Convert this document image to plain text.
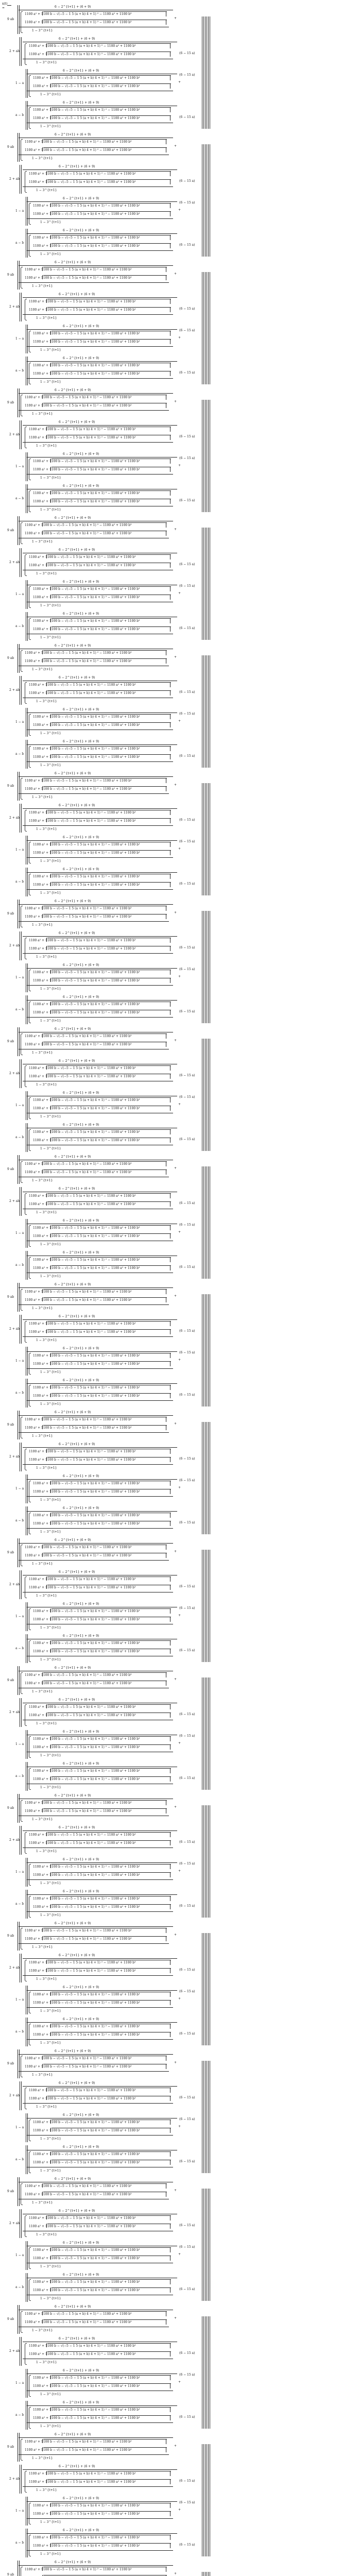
x(t)
=
9 ab
6 − 2^{t+1} + (6 + 9)
1100 a² + 1100 b − √(−5 − 1 5 (a + b) 4 + 1) ² − 1100 a² + 1100 b³
1100 a² + 1100 b − √(−5 − 1 5 (a + b) 4 + 1) ² − 1100 a² + 1100 b³
1 − 3^{t+1}
+
2 + ab
6 − 2^{t+1} + (6 + 9)
1100 a² + 1100 b − √(−5 − 1 5 (a + b) 4 + 1) ² − 1100 a² + 1100 b³
1100 a² + 1100 b − √(−5 − 1 5 (a + b) 4 + 1) ² − 1100 a² + 1100 b³
1 − 3^{t+1}
(6 − 15 a)
1 − a
6 − 2^{t+1} + (6 + 9)
1100 a² + 1100 b − √(−5 − 1 5 (a + b) 4 + 1) ² − 1100 a² + 1100 b³
1100 a² + 1100 b − √(−5 − 1 5 (a + b) 4 + 1) ² − 1100 a² + 1100 b³
1 − 3^{t+1}
+
a − b
6 − 2^{t+1} + (6 + 9)
1100 a² + 1100 b − √(−5 − 1 5 (a + b) 4 + 1) ² − 1100 a² + 1100 b³
1100 a² + 1100 b − √(−5 − 1 5 (a + b) 4 + 1) ² − 1100 a² + 1100 b³
1 − 3^{t+1}
(6 − 15 a)
(6 − 15 a)
9 ab
6 − 2^{t+1} + (6 + 9)
1100 a² + 1100 b − √(−5 − 1 5 (a + b) 4 + 1) ² − 1100 a² + 1100 b³
1100 a² + 1100 b − √(−5 − 1 5 (a + b) 4 + 1) ² − 1100 a² + 1100 b³
1 − 3^{t+1}
+
2 + ab
6 − 2^{t+1} + (6 + 9)
1100 a² + 1100 b − √(−5 − 1 5 (a + b) 4 + 1) ² − 1100 a² + 1100 b³
1100 a² + 1100 b − √(−5 − 1 5 (a + b) 4 + 1) ² − 1100 a² + 1100 b³
1 − 3^{t+1}
(6 − 15 a)
1 − a
6 − 2^{t+1} + (6 + 9)
1100 a² + 1100 b − √(−5 − 1 5 (a + b) 4 + 1) ² − 1100 a² + 1100 b³
1100 a² + 1100 b − √(−5 − 1 5 (a + b) 4 + 1) ² − 1100 a² + 1100 b³
1 − 3^{t+1}
+
a − b
6 − 2^{t+1} + (6 + 9)
1100 a² + 1100 b − √(−5 − 1 5 (a + b) 4 + 1) ² − 1100 a² + 1100 b³
1100 a² + 1100 b − √(−5 − 1 5 (a + b) 4 + 1) ² − 1100 a² + 1100 b³
1 − 3^{t+1}
(6 − 15 a)
(6 − 15 a)
9 ab
6 − 2^{t+1} + (6 + 9)
1100 a² + 1100 b − √(−5 − 1 5 (a + b) 4 + 1) ² − 1100 a² + 1100 b³
1100 a² + 1100 b − √(−5 − 1 5 (a + b) 4 + 1) ² − 1100 a² + 1100 b³
1 − 3^{t+1}
+
2 + ab
6 − 2^{t+1} + (6 + 9)
1100 a² + 1100 b − √(−5 − 1 5 (a + b) 4 + 1) ² − 1100 a² + 1100 b³
1100 a² + 1100 b − √(−5 − 1 5 (a + b) 4 + 1) ² − 1100 a² + 1100 b³
1 − 3^{t+1}
(6 − 15 a)
1 − a
6 − 2^{t+1} + (6 + 9)
1100 a² + 1100 b − √(−5 − 1 5 (a + b) 4 + 1) ² − 1100 a² + 1100 b³
1100 a² + 1100 b − √(−5 − 1 5 (a + b) 4 + 1) ² − 1100 a² + 1100 b³
1 − 3^{t+1}
+
a − b
6 − 2^{t+1} + (6 + 9)
1100 a² + 1100 b − √(−5 − 1 5 (a + b) 4 + 1) ² − 1100 a² + 1100 b³
1100 a² + 1100 b − √(−5 − 1 5 (a + b) 4 + 1) ² − 1100 a² + 1100 b³
1 − 3^{t+1}
(6 − 15 a)
(6 − 15 a)
9 ab
6 − 2^{t+1} + (6 + 9)
1100 a² + 1100 b − √(−5 − 1 5 (a + b) 4 + 1) ² − 1100 a² + 1100 b³
1100 a² + 1100 b − √(−5 − 1 5 (a + b) 4 + 1) ² − 1100 a² + 1100 b³
1 − 3^{t+1}
+
2 + ab
6 − 2^{t+1} + (6 + 9)
1100 a² + 1100 b − √(−5 − 1 5 (a + b) 4 + 1) ² − 1100 a² + 1100 b³
1100 a² + 1100 b − √(−5 − 1 5 (a + b) 4 + 1) ² − 1100 a² + 1100 b³
1 − 3^{t+1}
(6 − 15 a)
1 − a
6 − 2^{t+1} + (6 + 9)
1100 a² + 1100 b − √(−5 − 1 5 (a + b) 4 + 1) ² − 1100 a² + 1100 b³
1100 a² + 1100 b − √(−5 − 1 5 (a + b) 4 + 1) ² − 1100 a² + 1100 b³
1 − 3^{t+1}
+
a − b
6 − 2^{t+1} + (6 + 9)
1100 a² + 1100 b − √(−5 − 1 5 (a + b) 4 + 1) ² − 1100 a² + 1100 b³
1100 a² + 1100 b − √(−5 − 1 5 (a + b) 4 + 1) ² − 1100 a² + 1100 b³
1 − 3^{t+1}
(6 − 15 a)
(6 − 15 a)
9 ab
6 − 2^{t+1} + (6 + 9)
1100 a² + 1100 b − √(−5 − 1 5 (a + b) 4 + 1) ² − 1100 a² + 1100 b³
1100 a² + 1100 b − √(−5 − 1 5 (a + b) 4 + 1) ² − 1100 a² + 1100 b³
1 − 3^{t+1}
+
2 + ab
6 − 2^{t+1} + (6 + 9)
1100 a² + 1100 b − √(−5 − 1 5 (a + b) 4 + 1) ² − 1100 a² + 1100 b³
1100 a² + 1100 b − √(−5 − 1 5 (a + b) 4 + 1) ² − 1100 a² + 1100 b³
1 − 3^{t+1}
(6 − 15 a)
1 − a
6 − 2^{t+1} + (6 + 9)
1100 a² + 1100 b − √(−5 − 1 5 (a + b) 4 + 1) ² − 1100 a² + 1100 b³
1100 a² + 1100 b − √(−5 − 1 5 (a + b) 4 + 1) ² − 1100 a² + 1100 b³
1 − 3^{t+1}
+
a − b
6 − 2^{t+1} + (6 + 9)
1100 a² + 1100 b − √(−5 − 1 5 (a + b) 4 + 1) ² − 1100 a² + 1100 b³
1100 a² + 1100 b − √(−5 − 1 5 (a + b) 4 + 1) ² − 1100 a² + 1100 b³
1 − 3^{t+1}
(6 − 15 a)
(6 − 15 a)
9 ab
6 − 2^{t+1} + (6 + 9)
1100 a² + 1100 b − √(−5 − 1 5 (a + b) 4 + 1) ² − 1100 a² + 1100 b³
1100 a² + 1100 b − √(−5 − 1 5 (a + b) 4 + 1) ² − 1100 a² + 1100 b³
1 − 3^{t+1}
+
2 + ab
6 − 2^{t+1} + (6 + 9)
1100 a² + 1100 b − √(−5 − 1 5 (a + b) 4 + 1) ² − 1100 a² + 1100 b³
1100 a² + 1100 b − √(−5 − 1 5 (a + b) 4 + 1) ² − 1100 a² + 1100 b³
1 − 3^{t+1}
(6 − 15 a)
1 − a
6 − 2^{t+1} + (6 + 9)
1100 a² + 1100 b − √(−5 − 1 5 (a + b) 4 + 1) ² − 1100 a² + 1100 b³
1100 a² + 1100 b − √(−5 − 1 5 (a + b) 4 + 1) ² − 1100 a² + 1100 b³
1 − 3^{t+1}
+
a − b
6 − 2^{t+1} + (6 + 9)
1100 a² + 1100 b − √(−5 − 1 5 (a + b) 4 + 1) ² − 1100 a² + 1100 b³
1100 a² + 1100 b − √(−5 − 1 5 (a + b) 4 + 1) ² − 1100 a² + 1100 b³
1 − 3^{t+1}
(6 − 15 a)
(6 − 15 a)
9 ab
6 − 2^{t+1} + (6 + 9)
1100 a² + 1100 b − √(−5 − 1 5 (a + b) 4 + 1) ² − 1100 a² + 1100 b³
1100 a² + 1100 b − √(−5 − 1 5 (a + b) 4 + 1) ² − 1100 a² + 1100 b³
1 − 3^{t+1}
+
2 + ab
6 − 2^{t+1} + (6 + 9)
1100 a² + 1100 b − √(−5 − 1 5 (a + b) 4 + 1) ² − 1100 a² + 1100 b³
1100 a² + 1100 b − √(−5 − 1 5 (a + b) 4 + 1) ² − 1100 a² + 1100 b³
1 − 3^{t+1}
(6 − 15 a)
1 − a
6 − 2^{t+1} + (6 + 9)
1100 a² + 1100 b − √(−5 − 1 5 (a + b) 4 + 1) ² − 1100 a² + 1100 b³
1100 a² + 1100 b − √(−5 − 1 5 (a + b) 4 + 1) ² − 1100 a² + 1100 b³
1 − 3^{t+1}
+
a − b
6 − 2^{t+1} + (6 + 9)
1100 a² + 1100 b − √(−5 − 1 5 (a + b) 4 + 1) ² − 1100 a² + 1100 b³
1100 a² + 1100 b − √(−5 − 1 5 (a + b) 4 + 1) ² − 1100 a² + 1100 b³
1 − 3^{t+1}
(6 − 15 a)
(6 − 15 a)
9 ab
6 − 2^{t+1} + (6 + 9)
1100 a² + 1100 b − √(−5 − 1 5 (a + b) 4 + 1) ² − 1100 a² + 1100 b³
1100 a² + 1100 b − √(−5 − 1 5 (a + b) 4 + 1) ² − 1100 a² + 1100 b³
1 − 3^{t+1}
+
2 + ab
6 − 2^{t+1} + (6 + 9)
1100 a² + 1100 b − √(−5 − 1 5 (a + b) 4 + 1) ² − 1100 a² + 1100 b³
1100 a² + 1100 b − √(−5 − 1 5 (a + b) 4 + 1) ² − 1100 a² + 1100 b³
1 − 3^{t+1}
(6 − 15 a)
1 − a
6 − 2^{t+1} + (6 + 9)
1100 a² + 1100 b − √(−5 − 1 5 (a + b) 4 + 1) ² − 1100 a² + 1100 b³
1100 a² + 1100 b − √(−5 − 1 5 (a + b) 4 + 1) ² − 1100 a² + 1100 b³
1 − 3^{t+1}
+
a − b
6 − 2^{t+1} + (6 + 9)
1100 a² + 1100 b − √(−5 − 1 5 (a + b) 4 + 1) ² − 1100 a² + 1100 b³
1100 a² + 1100 b − √(−5 − 1 5 (a + b) 4 + 1) ² − 1100 a² + 1100 b³
1 − 3^{t+1}
(6 − 15 a)
(6 − 15 a)
9 ab
6 − 2^{t+1} + (6 + 9)
1100 a² + 1100 b − √(−5 − 1 5 (a + b) 4 + 1) ² − 1100 a² + 1100 b³
1100 a² + 1100 b − √(−5 − 1 5 (a + b) 4 + 1) ² − 1100 a² + 1100 b³
1 − 3^{t+1}
+
2 + ab
6 − 2^{t+1} + (6 + 9)
1100 a² + 1100 b − √(−5 − 1 5 (a + b) 4 + 1) ² − 1100 a² + 1100 b³
1100 a² + 1100 b − √(−5 − 1 5 (a + b) 4 + 1) ² − 1100 a² + 1100 b³
1 − 3^{t+1}
(6 − 15 a)
1 − a
6 − 2^{t+1} + (6 + 9)
1100 a² + 1100 b − √(−5 − 1 5 (a + b) 4 + 1) ² − 1100 a² + 1100 b³
1100 a² + 1100 b − √(−5 − 1 5 (a + b) 4 + 1) ² − 1100 a² + 1100 b³
1 − 3^{t+1}
+
a − b
6 − 2^{t+1} + (6 + 9)
1100 a² + 1100 b − √(−5 − 1 5 (a + b) 4 + 1) ² − 1100 a² + 1100 b³
1100 a² + 1100 b − √(−5 − 1 5 (a + b) 4 + 1) ² − 1100 a² + 1100 b³
1 − 3^{t+1}
(6 − 15 a)
(6 − 15 a)
9 ab
6 − 2^{t+1} + (6 + 9)
1100 a² + 1100 b − √(−5 − 1 5 (a + b) 4 + 1) ² − 1100 a² + 1100 b³
1100 a² + 1100 b − √(−5 − 1 5 (a + b) 4 + 1) ² − 1100 a² + 1100 b³
1 − 3^{t+1}
+
2 + ab
6 − 2^{t+1} + (6 + 9)
1100 a² + 1100 b − √(−5 − 1 5 (a + b) 4 + 1) ² − 1100 a² + 1100 b³
1100 a² + 1100 b − √(−5 − 1 5 (a + b) 4 + 1) ² − 1100 a² + 1100 b³
1 − 3^{t+1}
(6 − 15 a)
1 − a
6 − 2^{t+1} + (6 + 9)
1100 a² + 1100 b − √(−5 − 1 5 (a + b) 4 + 1) ² − 1100 a² + 1100 b³
1100 a² + 1100 b − √(−5 − 1 5 (a + b) 4 + 1) ² − 1100 a² + 1100 b³
1 − 3^{t+1}
+
a − b
6 − 2^{t+1} + (6 + 9)
1100 a² + 1100 b − √(−5 − 1 5 (a + b) 4 + 1) ² − 1100 a² + 1100 b³
1100 a² + 1100 b − √(−5 − 1 5 (a + b) 4 + 1) ² − 1100 a² + 1100 b³
1 − 3^{t+1}
(6 − 15 a)
(6 − 15 a)
9 ab
6 − 2^{t+1} + (6 + 9)
1100 a² + 1100 b − √(−5 − 1 5 (a + b) 4 + 1) ² − 1100 a² + 1100 b³
1100 a² + 1100 b − √(−5 − 1 5 (a + b) 4 + 1) ² − 1100 a² + 1100 b³
1 − 3^{t+1}
+
2 + ab
6 − 2^{t+1} + (6 + 9)
1100 a² + 1100 b − √(−5 − 1 5 (a + b) 4 + 1) ² − 1100 a² + 1100 b³
1100 a² + 1100 b − √(−5 − 1 5 (a + b) 4 + 1) ² − 1100 a² + 1100 b³
1 − 3^{t+1}
(6 − 15 a)
1 − a
6 − 2^{t+1} + (6 + 9)
1100 a² + 1100 b − √(−5 − 1 5 (a + b) 4 + 1) ² − 1100 a² + 1100 b³
1100 a² + 1100 b − √(−5 − 1 5 (a + b) 4 + 1) ² − 1100 a² + 1100 b³
1 − 3^{t+1}
+
a − b
6 − 2^{t+1} + (6 + 9)
1100 a² + 1100 b − √(−5 − 1 5 (a + b) 4 + 1) ² − 1100 a² + 1100 b³
1100 a² + 1100 b − √(−5 − 1 5 (a + b) 4 + 1) ² − 1100 a² + 1100 b³
1 − 3^{t+1}
(6 − 15 a)
(6 − 15 a)
9 ab
6 − 2^{t+1} + (6 + 9)
1100 a² + 1100 b − √(−5 − 1 5 (a + b) 4 + 1) ² − 1100 a² + 1100 b³
1100 a² + 1100 b − √(−5 − 1 5 (a + b) 4 + 1) ² − 1100 a² + 1100 b³
1 − 3^{t+1}
+
2 + ab
6 − 2^{t+1} + (6 + 9)
1100 a² + 1100 b − √(−5 − 1 5 (a + b) 4 + 1) ² − 1100 a² + 1100 b³
1100 a² + 1100 b − √(−5 − 1 5 (a + b) 4 + 1) ² − 1100 a² + 1100 b³
1 − 3^{t+1}
(6 − 15 a)
1 − a
6 − 2^{t+1} + (6 + 9)
1100 a² + 1100 b − √(−5 − 1 5 (a + b) 4 + 1) ² − 1100 a² + 1100 b³
1100 a² + 1100 b − √(−5 − 1 5 (a + b) 4 + 1) ² − 1100 a² + 1100 b³
1 − 3^{t+1}
+
a − b
6 − 2^{t+1} + (6 + 9)
1100 a² + 1100 b − √(−5 − 1 5 (a + b) 4 + 1) ² − 1100 a² + 1100 b³
1100 a² + 1100 b − √(−5 − 1 5 (a + b) 4 + 1) ² − 1100 a² + 1100 b³
1 − 3^{t+1}
(6 − 15 a)
(6 − 15 a)
9 ab
6 − 2^{t+1} + (6 + 9)
1100 a² + 1100 b − √(−5 − 1 5 (a + b) 4 + 1) ² − 1100 a² + 1100 b³
1100 a² + 1100 b − √(−5 − 1 5 (a + b) 4 + 1) ² − 1100 a² + 1100 b³
1 − 3^{t+1}
+
2 + ab
6 − 2^{t+1} + (6 + 9)
1100 a² + 1100 b − √(−5 − 1 5 (a + b) 4 + 1) ² − 1100 a² + 1100 b³
1100 a² + 1100 b − √(−5 − 1 5 (a + b) 4 + 1) ² − 1100 a² + 1100 b³
1 − 3^{t+1}
(6 − 15 a)
1 − a
6 − 2^{t+1} + (6 + 9)
1100 a² + 1100 b − √(−5 − 1 5 (a + b) 4 + 1) ² − 1100 a² + 1100 b³
1100 a² + 1100 b − √(−5 − 1 5 (a + b) 4 + 1) ² − 1100 a² + 1100 b³
1 − 3^{t+1}
+
a − b
6 − 2^{t+1} + (6 + 9)
1100 a² + 1100 b − √(−5 − 1 5 (a + b) 4 + 1) ² − 1100 a² + 1100 b³
1100 a² + 1100 b − √(−5 − 1 5 (a + b) 4 + 1) ² − 1100 a² + 1100 b³
1 − 3^{t+1}
(6 − 15 a)
(6 − 15 a)
9 ab
6 − 2^{t+1} + (6 + 9)
1100 a² + 1100 b − √(−5 − 1 5 (a + b) 4 + 1) ² − 1100 a² + 1100 b³
1100 a² + 1100 b − √(−5 − 1 5 (a + b) 4 + 1) ² − 1100 a² + 1100 b³
1 − 3^{t+1}
+
2 + ab
6 − 2^{t+1} + (6 + 9)
1100 a² + 1100 b − √(−5 − 1 5 (a + b) 4 + 1) ² − 1100 a² + 1100 b³
1100 a² + 1100 b − √(−5 − 1 5 (a + b) 4 + 1) ² − 1100 a² + 1100 b³
1 − 3^{t+1}
(6 − 15 a)
1 − a
6 − 2^{t+1} + (6 + 9)
1100 a² + 1100 b − √(−5 − 1 5 (a + b) 4 + 1) ² − 1100 a² + 1100 b³
1100 a² + 1100 b − √(−5 − 1 5 (a + b) 4 + 1) ² − 1100 a² + 1100 b³
1 − 3^{t+1}
+
a − b
6 − 2^{t+1} + (6 + 9)
1100 a² + 1100 b − √(−5 − 1 5 (a + b) 4 + 1) ² − 1100 a² + 1100 b³
1100 a² + 1100 b − √(−5 − 1 5 (a + b) 4 + 1) ² − 1100 a² + 1100 b³
1 − 3^{t+1}
(6 − 15 a)
(6 − 15 a)
9 ab
6 − 2^{t+1} + (6 + 9)
1100 a² + 1100 b − √(−5 − 1 5 (a + b) 4 + 1) ² − 1100 a² + 1100 b³
1100 a² + 1100 b − √(−5 − 1 5 (a + b) 4 + 1) ² − 1100 a² + 1100 b³
1 − 3^{t+1}
+
2 + ab
6 − 2^{t+1} + (6 + 9)
1100 a² + 1100 b − √(−5 − 1 5 (a + b) 4 + 1) ² − 1100 a² + 1100 b³
1100 a² + 1100 b − √(−5 − 1 5 (a + b) 4 + 1) ² − 1100 a² + 1100 b³
1 − 3^{t+1}
(6 − 15 a)
1 − a
6 − 2^{t+1} + (6 + 9)
1100 a² + 1100 b − √(−5 − 1 5 (a + b) 4 + 1) ² − 1100 a² + 1100 b³
1100 a² + 1100 b − √(−5 − 1 5 (a + b) 4 + 1) ² − 1100 a² + 1100 b³
1 − 3^{t+1}
+
a − b
6 − 2^{t+1} + (6 + 9)
1100 a² + 1100 b − √(−5 − 1 5 (a + b) 4 + 1) ² − 1100 a² + 1100 b³
1100 a² + 1100 b − √(−5 − 1 5 (a + b) 4 + 1) ² − 1100 a² + 1100 b³
1 − 3^{t+1}
(6 − 15 a)
(6 − 15 a)
9 ab
6 − 2^{t+1} + (6 + 9)
1100 a² + 1100 b − √(−5 − 1 5 (a + b) 4 + 1) ² − 1100 a² + 1100 b³
1100 a² + 1100 b − √(−5 − 1 5 (a + b) 4 + 1) ² − 1100 a² + 1100 b³
1 − 3^{t+1}
+
2 + ab
6 − 2^{t+1} + (6 + 9)
1100 a² + 1100 b − √(−5 − 1 5 (a + b) 4 + 1) ² − 1100 a² + 1100 b³
1100 a² + 1100 b − √(−5 − 1 5 (a + b) 4 + 1) ² − 1100 a² + 1100 b³
1 − 3^{t+1}
(6 − 15 a)
1 − a
6 − 2^{t+1} + (6 + 9)
1100 a² + 1100 b − √(−5 − 1 5 (a + b) 4 + 1) ² − 1100 a² + 1100 b³
1100 a² + 1100 b − √(−5 − 1 5 (a + b) 4 + 1) ² − 1100 a² + 1100 b³
1 − 3^{t+1}
+
a − b
6 − 2^{t+1} + (6 + 9)
1100 a² + 1100 b − √(−5 − 1 5 (a + b) 4 + 1) ² − 1100 a² + 1100 b³
1100 a² + 1100 b − √(−5 − 1 5 (a + b) 4 + 1) ² − 1100 a² + 1100 b³
1 − 3^{t+1}
(6 − 15 a)
(6 − 15 a)
9 ab
6 − 2^{t+1} + (6 + 9)
1100 a² + 1100 b − √(−5 − 1 5 (a + b) 4 + 1) ² − 1100 a² + 1100 b³
1100 a² + 1100 b − √(−5 − 1 5 (a + b) 4 + 1) ² − 1100 a² + 1100 b³
1 − 3^{t+1}
+
2 + ab
6 − 2^{t+1} + (6 + 9)
1100 a² + 1100 b − √(−5 − 1 5 (a + b) 4 + 1) ² − 1100 a² + 1100 b³
1100 a² + 1100 b − √(−5 − 1 5 (a + b) 4 + 1) ² − 1100 a² + 1100 b³
1 − 3^{t+1}
(6 − 15 a)
1 − a
6 − 2^{t+1} + (6 + 9)
1100 a² + 1100 b − √(−5 − 1 5 (a + b) 4 + 1) ² − 1100 a² + 1100 b³
1100 a² + 1100 b − √(−5 − 1 5 (a + b) 4 + 1) ² − 1100 a² + 1100 b³
1 − 3^{t+1}
+
a − b
6 − 2^{t+1} + (6 + 9)
1100 a² + 1100 b − √(−5 − 1 5 (a + b) 4 + 1) ² − 1100 a² + 1100 b³
1100 a² + 1100 b − √(−5 − 1 5 (a + b) 4 + 1) ² − 1100 a² + 1100 b³
1 − 3^{t+1}
(6 − 15 a)
(6 − 15 a)
9 ab
6 − 2^{t+1} + (6 + 9)
1100 a² + 1100 b − √(−5 − 1 5 (a + b) 4 + 1) ² − 1100 a² + 1100 b³
1100 a² + 1100 b − √(−5 − 1 5 (a + b) 4 + 1) ² − 1100 a² + 1100 b³
1 − 3^{t+1}
+
2 + ab
6 − 2^{t+1} + (6 + 9)
1100 a² + 1100 b − √(−5 − 1 5 (a + b) 4 + 1) ² − 1100 a² + 1100 b³
1100 a² + 1100 b − √(−5 − 1 5 (a + b) 4 + 1) ² − 1100 a² + 1100 b³
1 − 3^{t+1}
(6 − 15 a)
1 − a
6 − 2^{t+1} + (6 + 9)
1100 a² + 1100 b − √(−5 − 1 5 (a + b) 4 + 1) ² − 1100 a² + 1100 b³
1100 a² + 1100 b − √(−5 − 1 5 (a + b) 4 + 1) ² − 1100 a² + 1100 b³
1 − 3^{t+1}
+
a − b
6 − 2^{t+1} + (6 + 9)
1100 a² + 1100 b − √(−5 − 1 5 (a + b) 4 + 1) ² − 1100 a² + 1100 b³
1100 a² + 1100 b − √(−5 − 1 5 (a + b) 4 + 1) ² − 1100 a² + 1100 b³
1 − 3^{t+1}
(6 − 15 a)
(6 − 15 a)
9 ab
6 − 2^{t+1} + (6 + 9)
1100 a² + 1100 b − √(−5 − 1 5 (a + b) 4 + 1) ² − 1100 a² + 1100 b³
1100 a² + 1100 b − √(−5 − 1 5 (a + b) 4 + 1) ² − 1100 a² + 1100 b³
1 − 3^{t+1}
+
2 + ab
6 − 2^{t+1} + (6 + 9)
1100 a² + 1100 b − √(−5 − 1 5 (a + b) 4 + 1) ² − 1100 a² + 1100 b³
1100 a² + 1100 b − √(−5 − 1 5 (a + b) 4 + 1) ² − 1100 a² + 1100 b³
1 − 3^{t+1}
(6 − 15 a)
1 − a
6 − 2^{t+1} + (6 + 9)
1100 a² + 1100 b − √(−5 − 1 5 (a + b) 4 + 1) ² − 1100 a² + 1100 b³
1100 a² + 1100 b − √(−5 − 1 5 (a + b) 4 + 1) ² − 1100 a² + 1100 b³
1 − 3^{t+1}
+
a − b
6 − 2^{t+1} + (6 + 9)
1100 a² + 1100 b − √(−5 − 1 5 (a + b) 4 + 1) ² − 1100 a² + 1100 b³
1100 a² + 1100 b − √(−5 − 1 5 (a + b) 4 + 1) ² − 1100 a² + 1100 b³
1 − 3^{t+1}
(6 − 15 a)
(6 − 15 a)
9 ab
6 − 2^{t+1} + (6 + 9)
1100 a² + 1100 b − √(−5 − 1 5 (a + b) 4 + 1) ² − 1100 a² + 1100 b³
1100 a² + 1100 b − √(−5 − 1 5 (a + b) 4 + 1) ² − 1100 a² + 1100 b³
1 − 3^{t+1}
+
2 + ab
6 − 2^{t+1} + (6 + 9)
1100 a² + 1100 b − √(−5 − 1 5 (a + b) 4 + 1) ² − 1100 a² + 1100 b³
1100 a² + 1100 b − √(−5 − 1 5 (a + b) 4 + 1) ² − 1100 a² + 1100 b³
1 − 3^{t+1}
(6 − 15 a)
1 − a
6 − 2^{t+1} + (6 + 9)
1100 a² + 1100 b − √(−5 − 1 5 (a + b) 4 + 1) ² − 1100 a² + 1100 b³
1100 a² + 1100 b − √(−5 − 1 5 (a + b) 4 + 1) ² − 1100 a² + 1100 b³
1 − 3^{t+1}
+
a − b
6 − 2^{t+1} + (6 + 9)
1100 a² + 1100 b − √(−5 − 1 5 (a + b) 4 + 1) ² − 1100 a² + 1100 b³
1100 a² + 1100 b − √(−5 − 1 5 (a + b) 4 + 1) ² − 1100 a² + 1100 b³
1 − 3^{t+1}
(6 − 15 a)
(6 − 15 a)
9 ab
6 − 2^{t+1} + (6 + 9)
1100 a² + 1100 b − √(−5 − 1 5 (a + b) 4 + 1) ² − 1100 a² + 1100 b³
+
